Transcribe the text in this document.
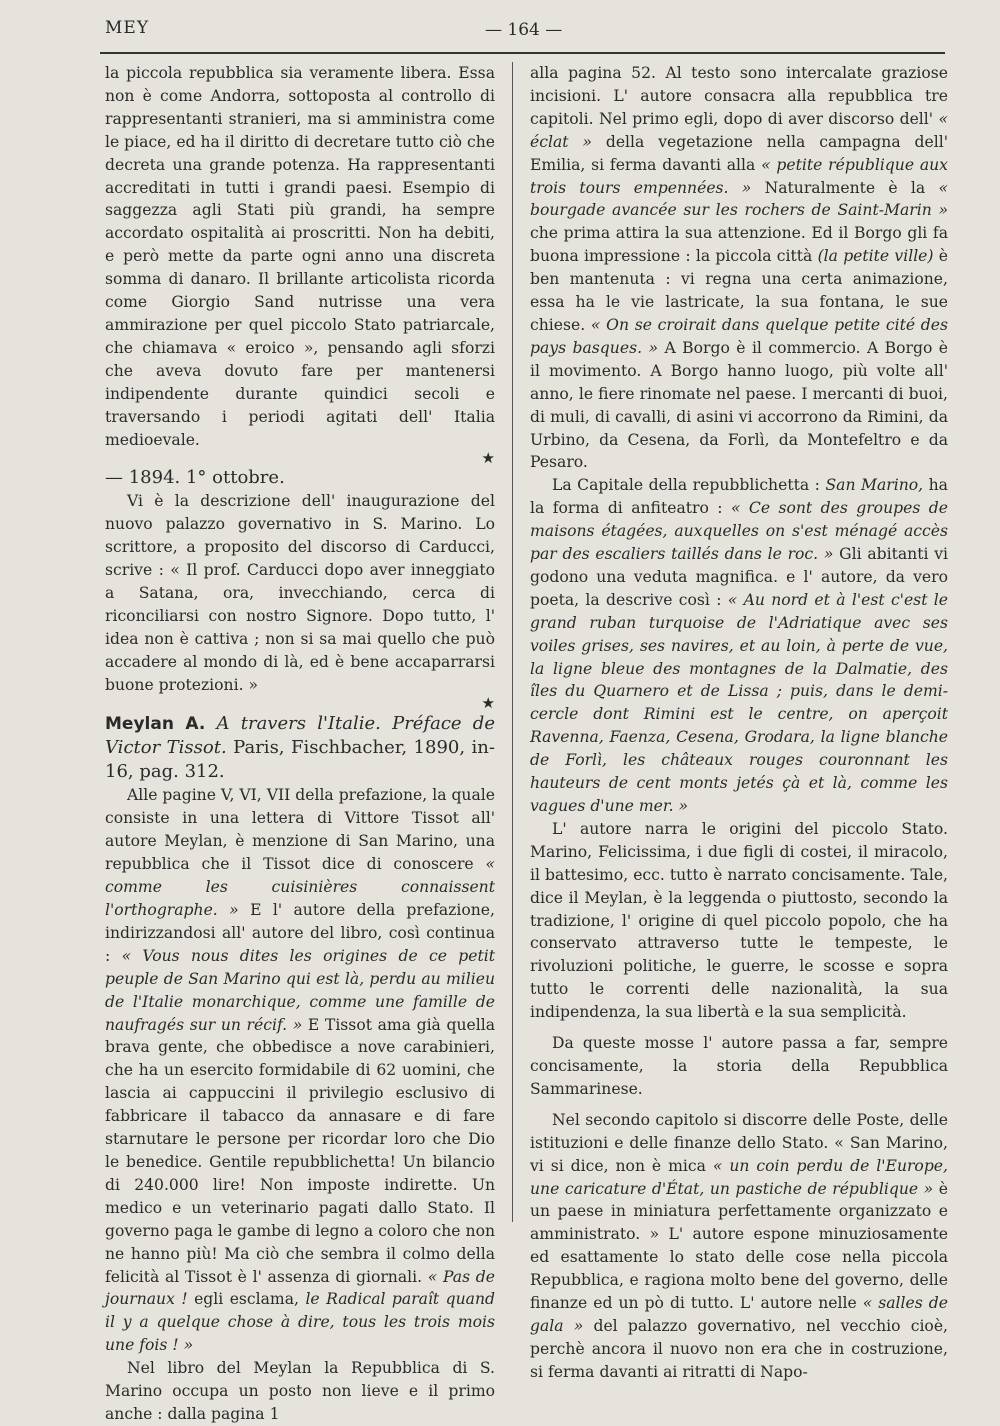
MEY	— 164 —

la piccola repubblica sia veramente libera. Essa non è come Andorra, sottoposta al controllo di rappresentanti stranieri, ma si amministra come le piace, ed ha il diritto di decretare tutto ciò che decreta una grande potenza. Ha rappresentanti accreditati in tutti i grandi paesi. Esempio di saggezza agli Stati più grandi, ha sempre accordato ospitalità ai proscritti. Non ha debiti, e però mette da parte ogni anno una discreta somma di danaro. Il brillante articolista ricorda come Giorgio Sand nutrisse una vera ammirazione per quel piccolo Stato patriarcale, che chiamava « eroico », pensando agli sforzi che aveva dovuto fare per mantenersi indipendente durante quindici secoli e traversando i periodi agitati dell' Italia medioevale.

★

— 1894. 1° ottobre.

Vi è la descrizione dell' inaugurazione del nuovo palazzo governativo in S. Marino. Lo scrittore, a proposito del discorso di Carducci, scrive : « Il prof. Carducci dopo aver inneggiato a Satana, ora, invecchiando, cerca di riconciliarsi con nostro Signore. Dopo tutto, l' idea non è cattiva ; non si sa mai quello che può accadere al mondo di là, ed è bene accaparrarsi buone protezioni. »

★

Meylan A. A travers l'Italie. Préface de Victor Tissot. Paris, Fischbacher, 1890, in-16, pag. 312.

Alle pagine V, VI, VII della prefazione, la quale consiste in una lettera di Vittore Tissot all' autore Meylan, è menzione di San Marino, una repubblica che il Tissot dice di conoscere « comme les cuisinières connaissent l'orthographe. » E l' autore della prefazione, indirizzandosi all' autore del libro, così continua : « Vous nous dites les origines de ce petit peuple de San Marino qui est là, perdu au milieu de l'Italie monarchique, comme une famille de naufragés sur un récif. » E Tissot ama già quella brava gente, che obbedisce a nove carabinieri, che ha un esercito formidabile di 62 uomini, che lascia ai cappuccini il privilegio esclusivo di fabbricare il tabacco da annasare e di fare starnutare le persone per ricordar loro che Dio le benedice. Gentile repubblichetta! Un bilancio di 240.000 lire! Non imposte indirette. Un medico e un veterinario pagati dallo Stato. Il governo paga le gambe di legno a coloro che non ne hanno più! Ma ciò che sembra il colmo della felicità al Tissot è l' assenza di giornali. « Pas de journaux ! egli esclama, le Radical paraît quand il y a quelque chose à dire, tous les trois mois une fois ! »

Nel libro del Meylan la Repubblica di S. Marino occupa un posto non lieve e il primo anche : dalla pagina 1

alla pagina 52. Al testo sono intercalate graziose incisioni. L' autore consacra alla repubblica tre capitoli. Nel primo egli, dopo di aver discorso dell' « éclat » della vegetazione nella campagna dell' Emilia, si ferma davanti alla « petite république aux trois tours empennées. » Naturalmente è la « bourgade avancée sur les rochers de Saint-Marin » che prima attira la sua attenzione. Ed il Borgo gli fa buona impressione : la piccola città (la petite ville) è ben mantenuta : vi regna una certa animazione, essa ha le vie lastricate, la sua fontana, le sue chiese. « On se croirait dans quelque petite cité des pays basques. » A Borgo è il commercio. A Borgo è il movimento. A Borgo hanno luogo, più volte all' anno, le fiere rinomate nel paese. I mercanti di buoi, di muli, di cavalli, di asini vi accorrono da Rimini, da Urbino, da Cesena, da Forlì, da Montefeltro e da Pesaro.

La Capitale della repubblichetta : San Marino, ha la forma di anfiteatro : « Ce sont des groupes de maisons étagées, auxquelles on s'est ménagé accès par des escaliers taillés dans le roc. » Gli abitanti vi godono una veduta magnifica. e l' autore, da vero poeta, la descrive così : « Au nord et à l'est c'est le grand ruban turquoise de l'Adriatique avec ses voiles grises, ses navires, et au loin, à perte de vue, la ligne bleue des montagnes de la Dalmatie, des îles du Quarnero et de Lissa ; puis, dans le demi-cercle dont Rimini est le centre, on aperçoit Ravenna, Faenza, Cesena, Grodara, la ligne blanche de Forlì, les châteaux rouges couronnant les hauteurs de cent monts jetés çà et là, comme les vagues d'une mer. »

L' autore narra le origini del piccolo Stato. Marino, Felicissima, i due figli di costei, il miracolo, il battesimo, ecc. tutto è narrato concisamente. Tale, dice il Meylan, è la leggenda o piuttosto, secondo la tradizione, l' origine di quel piccolo popolo, che ha conservato attraverso tutte le tempeste, le rivoluzioni politiche, le guerre, le scosse e sopra tutto le correnti delle nazionalità, la sua indipendenza, la sua libertà e la sua semplicità.

Da queste mosse l' autore passa a far, sempre concisamente, la storia della Repubblica Sammarinese.

Nel secondo capitolo si discorre delle Poste, delle istituzioni e delle finanze dello Stato. « San Marino, vi si dice, non è mica « un coin perdu de l'Europe, une caricature d'État, un pastiche de république » è un paese in miniatura perfettamente organizzato e amministrato. » L' autore espone minuziosamente ed esattamente lo stato delle cose nella piccola Repubblica, e ragiona molto bene del governo, delle finanze ed un pò di tutto. L' autore nelle « salles de gala » del palazzo governativo, nel vecchio cioè, perchè ancora il nuovo non era che in costruzione, si ferma davanti ai ritratti di Napo-
